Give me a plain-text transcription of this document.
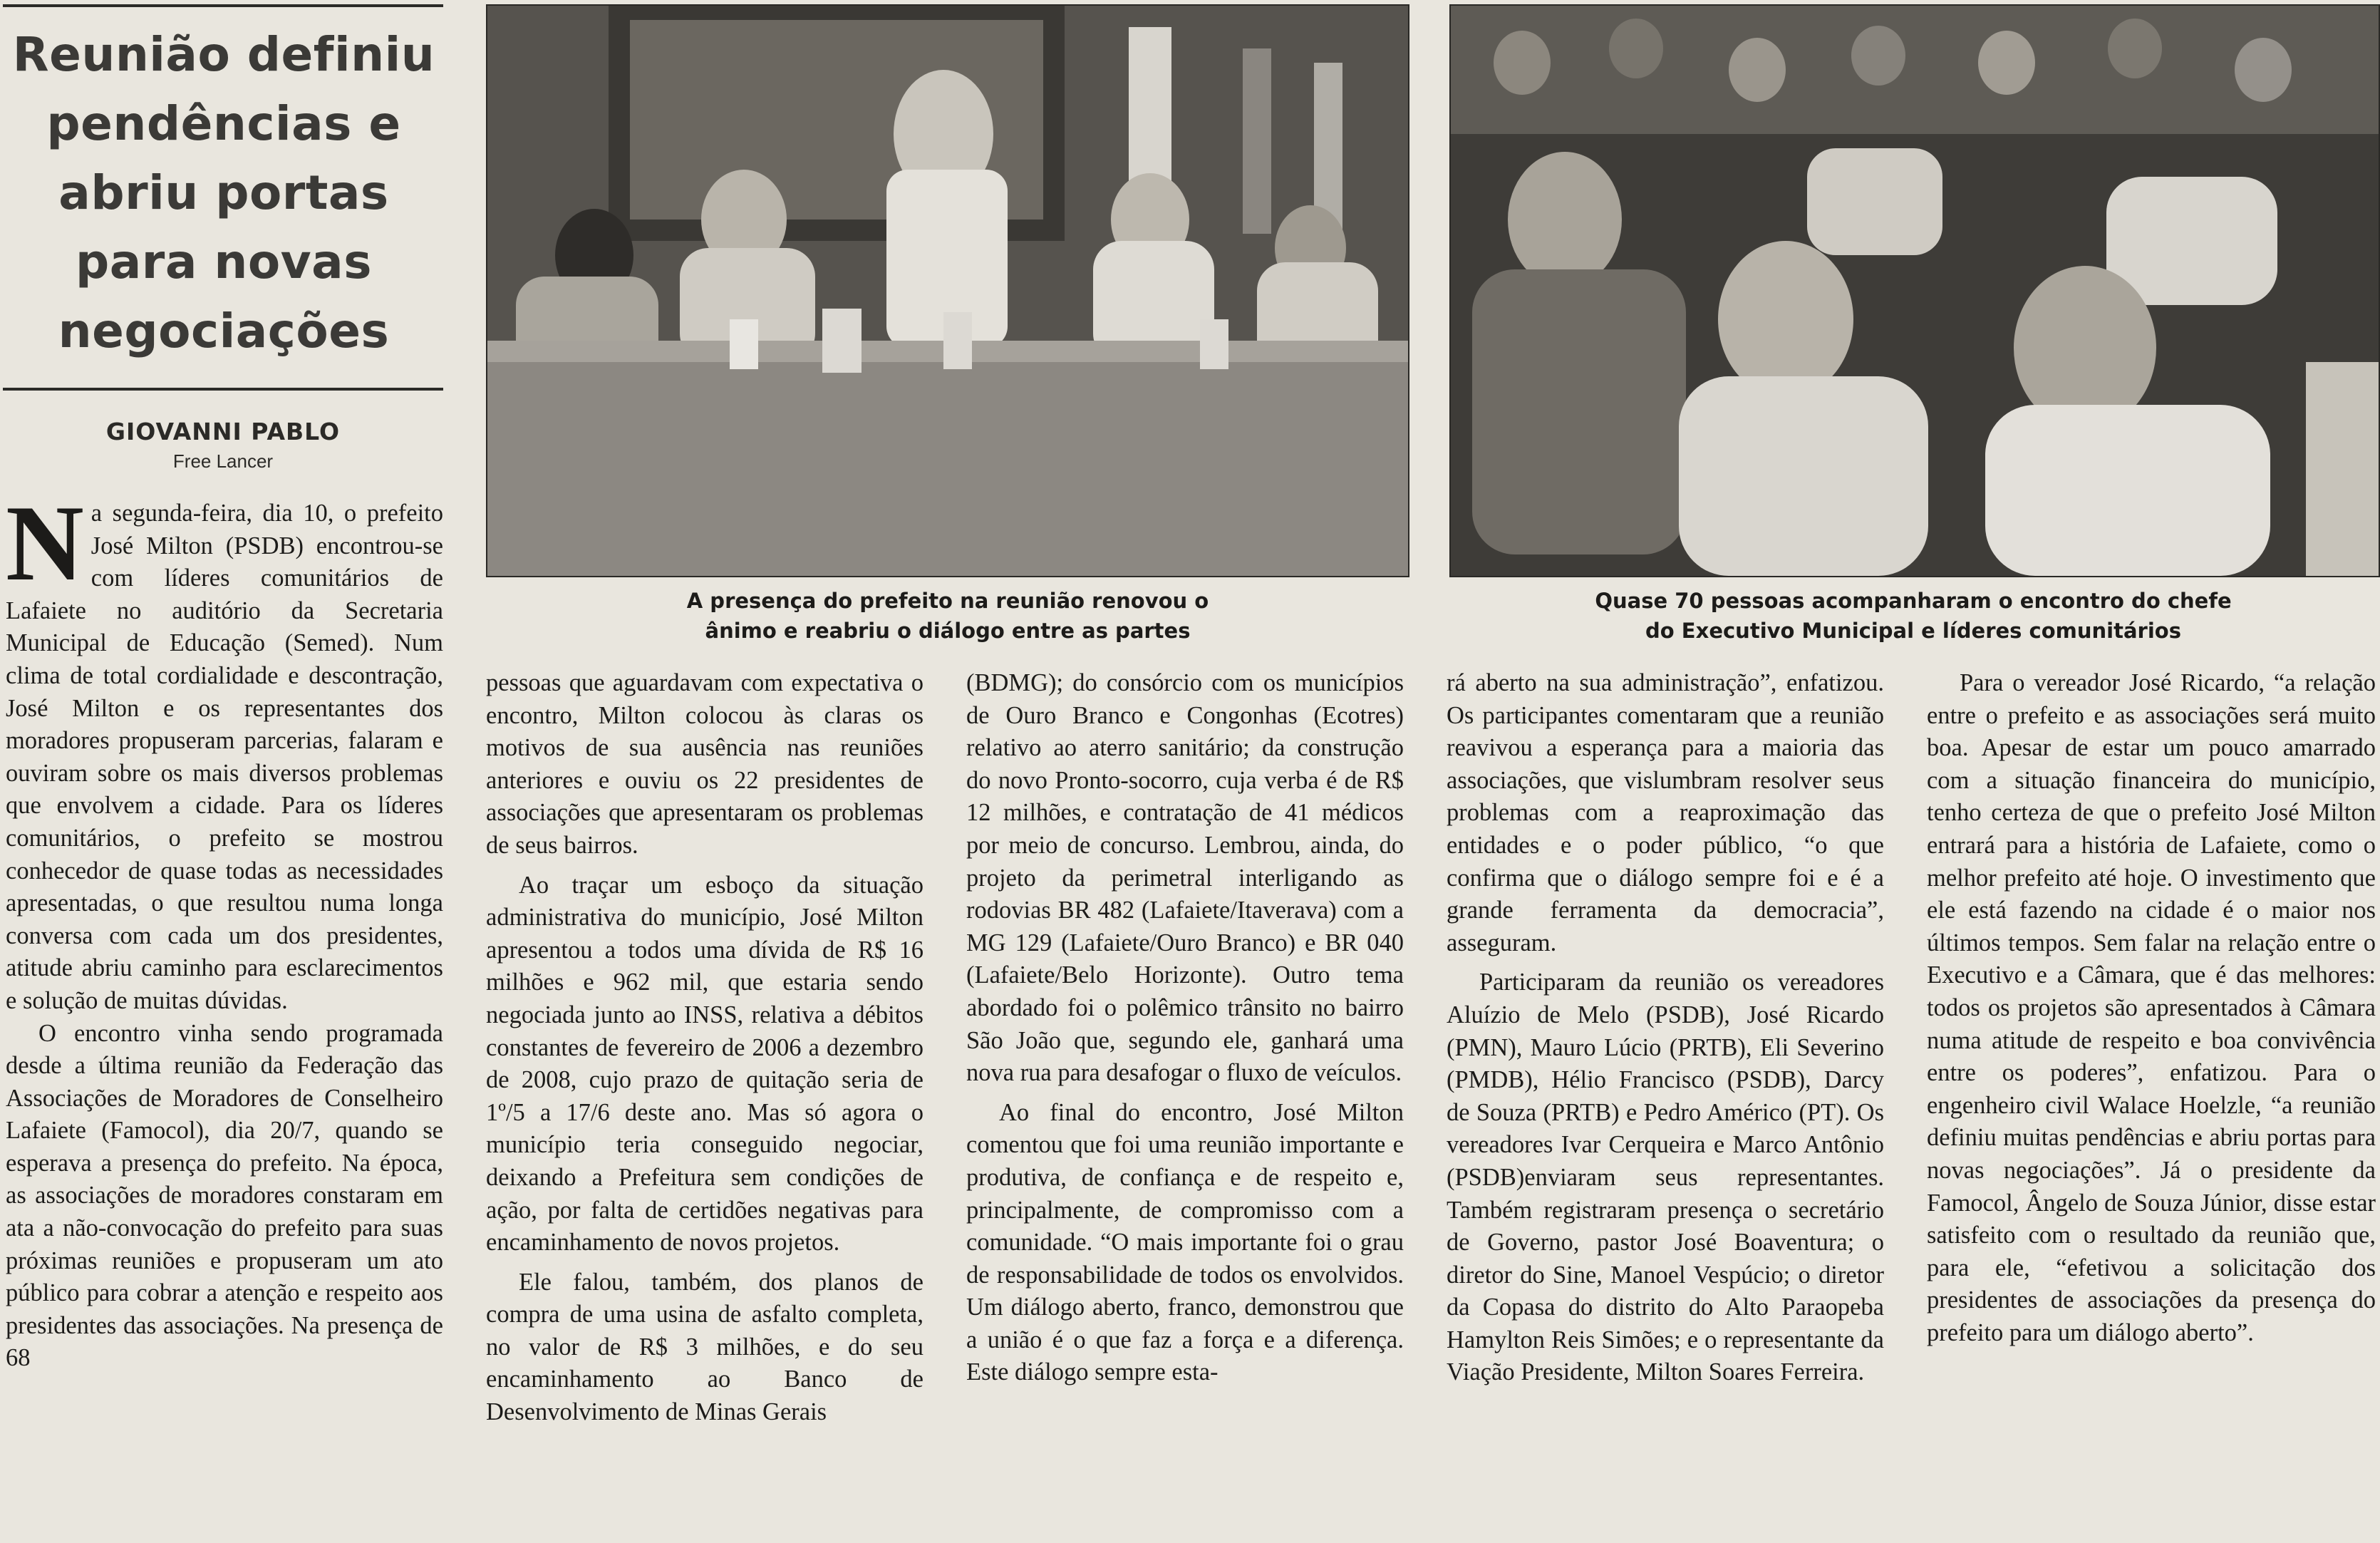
Reunião definiu pendências e abriu portas para novas negociações
GIOVANNI PABLO
Free Lancer
A presença do prefeito na reunião renovou o ânimo e reabriu o diálogo entre as partes
Quase 70 pessoas acompanharam o encontro do chefe do Executivo Municipal e líderes comunitários

Na segunda-feira, dia 10, o prefeito José Milton (PSDB) encontrou-se com líderes comunitários de Lafaiete no auditório da Secretaria Municipal de Educação (Semed). Num clima de total cordialidade e descontração, José Milton e os representantes dos moradores propuseram parcerias, falaram e ouviram sobre os mais diversos problemas que envolvem a cidade. Para os líderes comunitários, o prefeito se mostrou conhecedor de quase todas as necessidades apresentadas, o que resultou numa longa conversa com cada um dos presidentes, atitude abriu caminho para esclarecimentos e solução de muitas dúvidas.

O encontro vinha sendo programada desde a última reunião da Federação das Associações de Moradores de Conselheiro Lafaiete (Famocol), dia 20/7, quando se esperava a presença do prefeito. Na época, as associações de moradores constaram em ata a não-convocação do prefeito para suas próximas reuniões e propuseram um ato público para cobrar a atenção e respeito aos presidentes das associações. Na presença de 68

pessoas que aguardavam com expectativa o encontro, Milton colocou às claras os motivos de sua ausência nas reuniões anteriores e ouviu os 22 presidentes de associações que apresentaram os problemas de seus bairros.

Ao traçar um esboço da situação administrativa do município, José Milton apresentou a todos uma dívida de R$ 16 milhões e 962 mil, que estaria sendo negociada junto ao INSS, relativa a débitos constantes de fevereiro de 2006 a dezembro de 2008, cujo prazo de quitação seria de 1º/5 a 17/6 deste ano. Mas só agora o município teria conseguido negociar, deixando a Prefeitura sem condições de ação, por falta de certidões negativas para encaminhamento de novos projetos.

Ele falou, também, dos planos de compra de uma usina de asfalto completa, no valor de R$ 3 milhões, e do seu encaminhamento ao Banco de Desenvolvimento de Minas Gerais

(BDMG); do consórcio com os municípios de Ouro Branco e Congonhas (Ecotres) relativo ao aterro sanitário; da construção do novo Pronto-socorro, cuja verba é de R$ 12 milhões, e contratação de 41 médicos por meio de concurso. Lembrou, ainda, do projeto da perimetral interligando as rodovias BR 482 (Lafaiete/Itaverava) com a MG 129 (Lafaiete/Ouro Branco) e BR 040 (Lafaiete/Belo Horizonte). Outro tema abordado foi o polêmico trânsito no bairro São João que, segundo ele, ganhará uma nova rua para desafogar o fluxo de veículos.

Ao final do encontro, José Milton comentou que foi uma reunião importante e produtiva, de confiança e de respeito e, principalmente, de compromisso com a comunidade. “O mais importante foi o grau de responsabilidade de todos os envolvidos. Um diálogo aberto, franco, demonstrou que a união é o que faz a força e a diferença. Este diálogo sempre esta-

rá aberto na sua administração”, enfatizou. Os participantes comentaram que a reunião reavivou a esperança para a maioria das associações, que vislumbram resolver seus problemas com a reaproximação das entidades e o poder público, “o que confirma que o diálogo sempre foi e é a grande ferramenta da democracia”, asseguram.

Participaram da reunião os vereadores Aluízio de Melo (PSDB), José Ricardo (PMN), Mauro Lúcio (PRTB), Eli Severino (PMDB), Hélio Francisco (PSDB), Darcy de Souza (PRTB) e Pedro Américo (PT). Os vereadores Ivar Cerqueira e Marco Antônio (PSDB)enviaram seus representantes. Também registraram presença o secretário de Governo, pastor José Boaventura; o diretor do Sine, Manoel Vespúcio; o diretor da Copasa do distrito do Alto Paraopeba Hamylton Reis Simões; e o representante da Viação Presidente, Milton Soares Ferreira.

Para o vereador José Ricardo, “a relação entre o prefeito e as associações será muito boa. Apesar de estar um pouco amarrado com a situação financeira do município, tenho certeza de que o prefeito José Milton entrará para a história de Lafaiete, como o melhor prefeito até hoje. O investimento que ele está fazendo na cidade é o maior nos últimos tempos. Sem falar na relação entre o Executivo e a Câmara, que é das melhores: todos os projetos são apresentados à Câmara numa atitude de respeito e boa convivência entre os poderes”, enfatizou. Para o engenheiro civil Walace Hoelzle, “a reunião definiu muitas pendências e abriu portas para novas negociações”. Já o presidente da Famocol, Ângelo de Souza Júnior, disse estar satisfeito com o resultado da reunião que, para ele, “efetivou a solicitação dos presidentes de associações da presença do prefeito para um diálogo aberto”.
